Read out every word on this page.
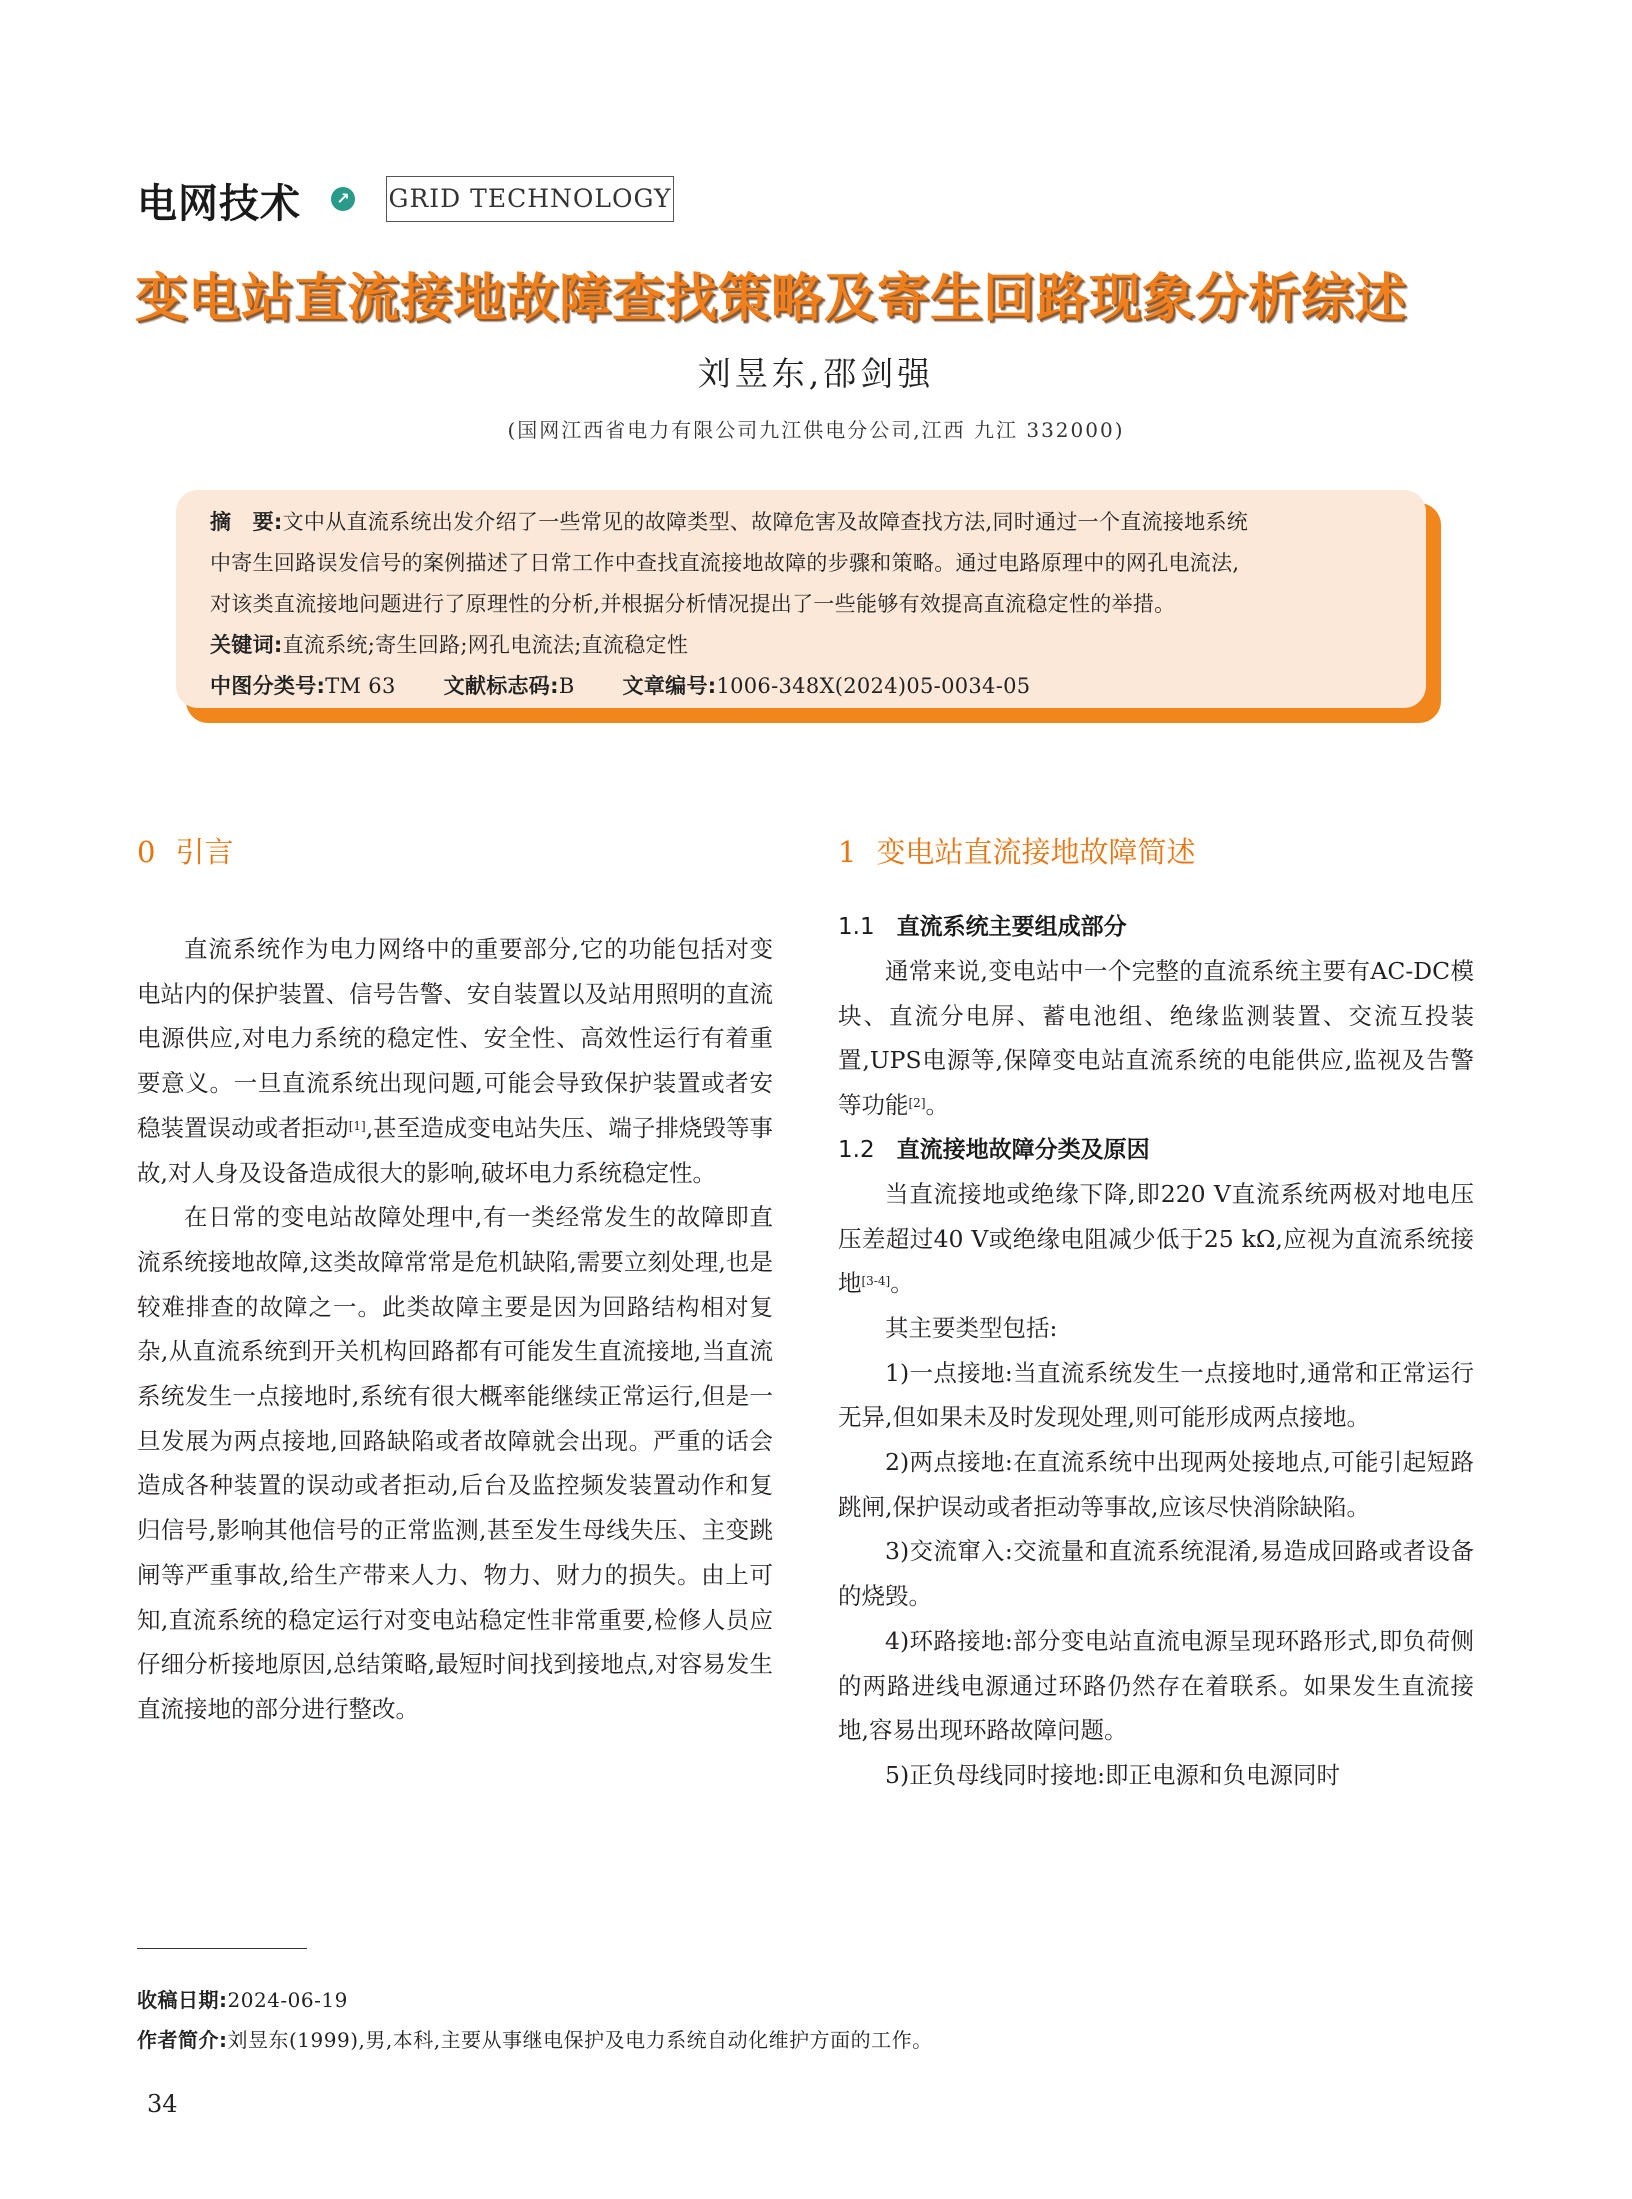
电网技术	↗ GRID TECHNOLOGY
变电站直流接地故障查找策略及寄生回路现象分析综述
刘昱东,邵剑强
(国网江西省电力有限公司九江供电分公司,江西 九江 332000)
摘　要:文中从直流系统出发介绍了一些常见的故障类型、故障危害及故障查找方法,同时通过一个直流接地系统
中寄生回路误发信号的案例描述了日常工作中查找直流接地故障的步骤和策略。通过电路原理中的网孔电流法,
对该类直流接地问题进行了原理性的分析,并根据分析情况提出了一些能够有效提高直流稳定性的举措。
关键词:直流系统;寄生回路;网孔电流法;直流稳定性
中图分类号:TM 63 文献标志码:B 文章编号:1006-348X(2024)05-0034-05
0 引言

直流系统作为电力网络中的重要部分,它的功能包括对变电站内的保护装置、信号告警、安自装置以及站用照明的直流电源供应,对电力系统的稳定性、安全性、高效性运行有着重要意义。一旦直流系统出现问题,可能会导致保护装置或者安稳装置误动或者拒动[1],甚至造成变电站失压、端子排烧毁等事故,对人身及设备造成很大的影响,破坏电力系统稳定性。

在日常的变电站故障处理中,有一类经常发生的故障即直流系统接地故障,这类故障常常是危机缺陷,需要立刻处理,也是较难排查的故障之一。此类故障主要是因为回路结构相对复杂,从直流系统到开关机构回路都有可能发生直流接地,当直流系统发生一点接地时,系统有很大概率能继续正常运行,但是一旦发展为两点接地,回路缺陷或者故障就会出现。严重的话会造成各种装置的误动或者拒动,后台及监控频发装置动作和复归信号,影响其他信号的正常监测,甚至发生母线失压、主变跳闸等严重事故,给生产带来人力、物力、财力的损失。由上可知,直流系统的稳定运行对变电站稳定性非常重要,检修人员应仔细分析接地原因,总结策略,最短时间找到接地点,对容易发生直流接地的部分进行整改。

1 变电站直流接地故障简述
1.1 直流系统主要组成部分

通常来说,变电站中一个完整的直流系统主要有AC-DC模块、直流分电屏、蓄电池组、绝缘监测装置、交流互投装置,UPS电源等,保障变电站直流系统的电能供应,监视及告警等功能[2]。

1.2 直流接地故障分类及原因

当直流接地或绝缘下降,即220 V直流系统两极对地电压压差超过40 V或绝缘电阻减少低于25 kΩ,应视为直流系统接地[3-4]。

其主要类型包括:

1)一点接地:当直流系统发生一点接地时,通常和正常运行无异,但如果未及时发现处理,则可能形成两点接地。

2)两点接地:在直流系统中出现两处接地点,可能引起短路跳闸,保护误动或者拒动等事故,应该尽快消除缺陷。

3)交流窜入:交流量和直流系统混淆,易造成回路或者设备的烧毁。

4)环路接地:部分变电站直流电源呈现环路形式,即负荷侧的两路进线电源通过环路仍然存在着联系。如果发生直流接地,容易出现环路故障问题。

5)正负母线同时接地:即正电源和负电源同时

收稿日期:2024-06-19
作者简介:刘昱东(1999),男,本科,主要从事继电保护及电力系统自动化维护方面的工作。
34
